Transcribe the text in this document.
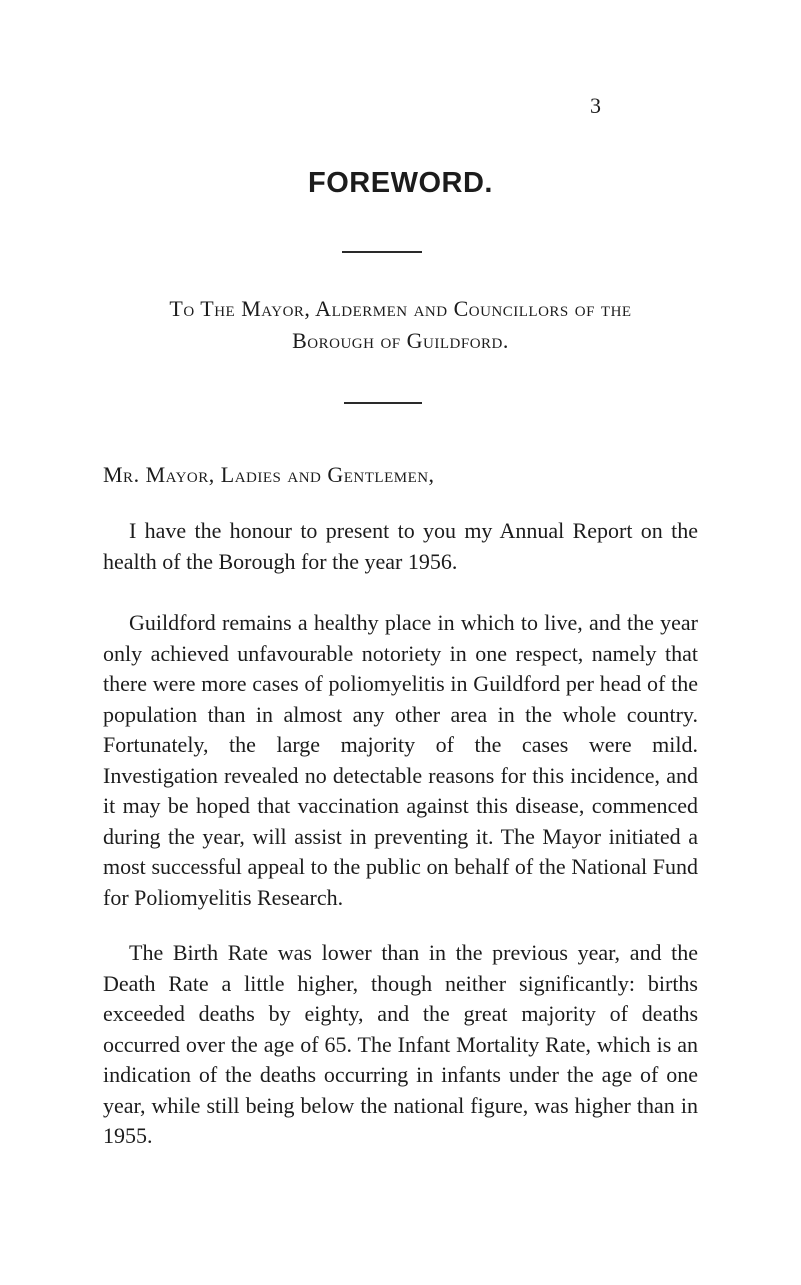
3
FOREWORD.
To The Mayor, Aldermen and Councillors of the
Borough of Guildford.
Mr. Mayor, Ladies and Gentlemen,

I have the honour to present to you my Annual Report on the health of the Borough for the year 1956.

Guildford remains a healthy place in which to live, and the year only achieved unfavourable notoriety in one respect, namely that there were more cases of poliomyelitis in Guildford per head of the population than in almost any other area in the whole country. Fortunately, the large majority of the cases were mild. Investigation revealed no detectable reasons for this incidence, and it may be hoped that vaccination against this disease, commenced during the year, will assist in preventing it. The Mayor initiated a most successful appeal to the public on behalf of the National Fund for Poliomyelitis Research.

The Birth Rate was lower than in the previous year, and the Death Rate a little higher, though neither significantly: births exceeded deaths by eighty, and the great majority of deaths occurred over the age of 65. The Infant Mortality Rate, which is an indication of the deaths occurring in infants under the age of one year, while still being below the national figure, was higher than in 1955.
